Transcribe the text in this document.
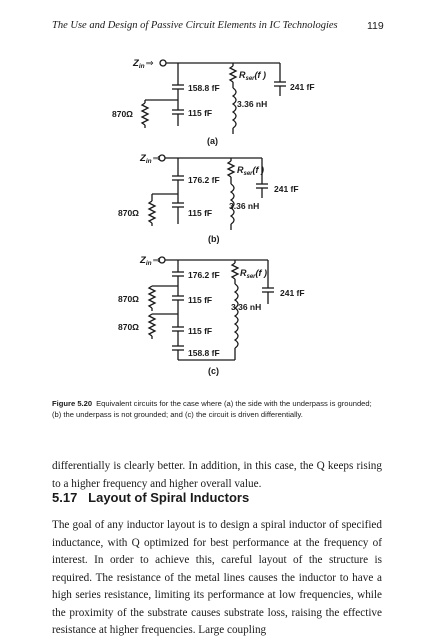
The Use and Design of Passive Circuit Elements in IC Technologies	119
$Z_{in}\Rightarrow$
158.8 fF
115 fF
870Ω
$R_{ser}(f$ )
3.36 nH
241 fF
(a)
$Z_{in}\Rightarrow$
176.2 fF
115 fF
870Ω
$R_{ser}(f$ )
3.36 nH
241 fF
(b)
$Z_{in}\Rightarrow$
176.2 fF
115 fF
115 fF
158.8 fF
870Ω
870Ω
$R_{ser}(f$ )
3.36 nH
241 fF
(c)
Figure 5.20 Equivalent circuits for the case where (a) the side with the underpass is grounded; (b) the underpass is not grounded; and (c) the circuit is driven differentially.
differentially is clearly better. In addition, in this case, the Q keeps rising to a higher frequency and higher overall value.
5.17 Layout of Spiral Inductors
The goal of any inductor layout is to design a spiral inductor of specified inductance, with Q optimized for best performance at the frequency of interest. In order to achieve this, careful layout of the structure is required. The resistance of the metal lines causes the inductor to have a high series resistance, limiting its performance at low frequencies, while the proximity of the substrate causes substrate loss, raising the effective resistance at higher frequencies. Large coupling
